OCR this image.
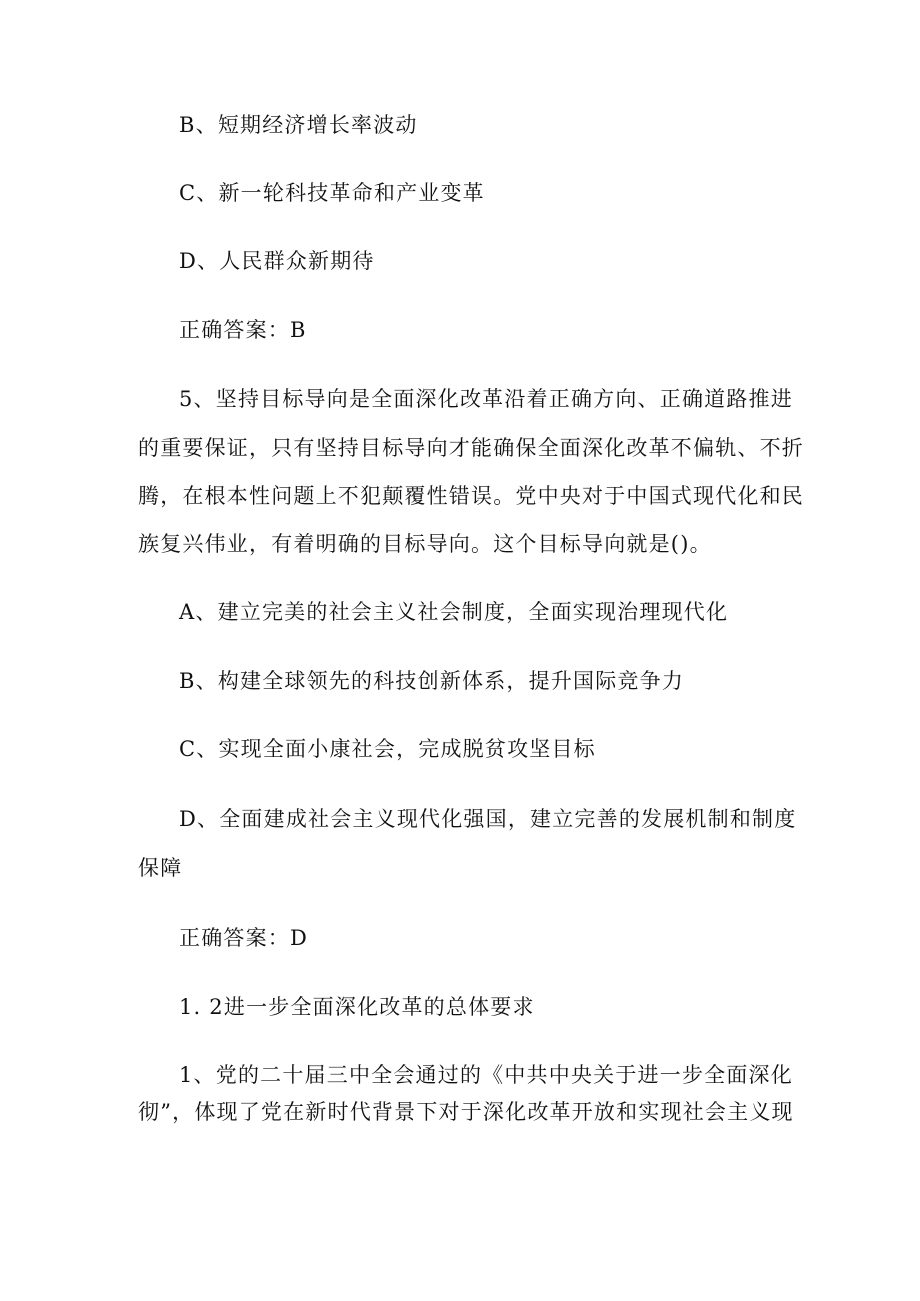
B、短期经济增长率波动
C、新一轮科技革命和产业变革
D、人民群众新期待
正确答案：B
5、坚持目标导向是全面深化改革沿着正确方向、正确道路推进
的重要保证，只有坚持目标导向才能确保全面深化改革不偏轨、不折
腾，在根本性问题上不犯颠覆性错误。党中央对于中国式现代化和民
族复兴伟业，有着明确的目标导向。这个目标导向就是()。
A、建立完美的社会主义社会制度，全面实现治理现代化
B、构建全球领先的科技创新体系，提升国际竞争力
C、实现全面小康社会，完成脱贫攻坚目标
D、全面建成社会主义现代化强国，建立完善的发展机制和制度
保障
正确答案：D
1. 2进一步全面深化改革的总体要求
1、党的二十届三中全会通过的《中共中央关于进一步全面深化
彻”，体现了党在新时代背景下对于深化改革开放和实现社会主义现
